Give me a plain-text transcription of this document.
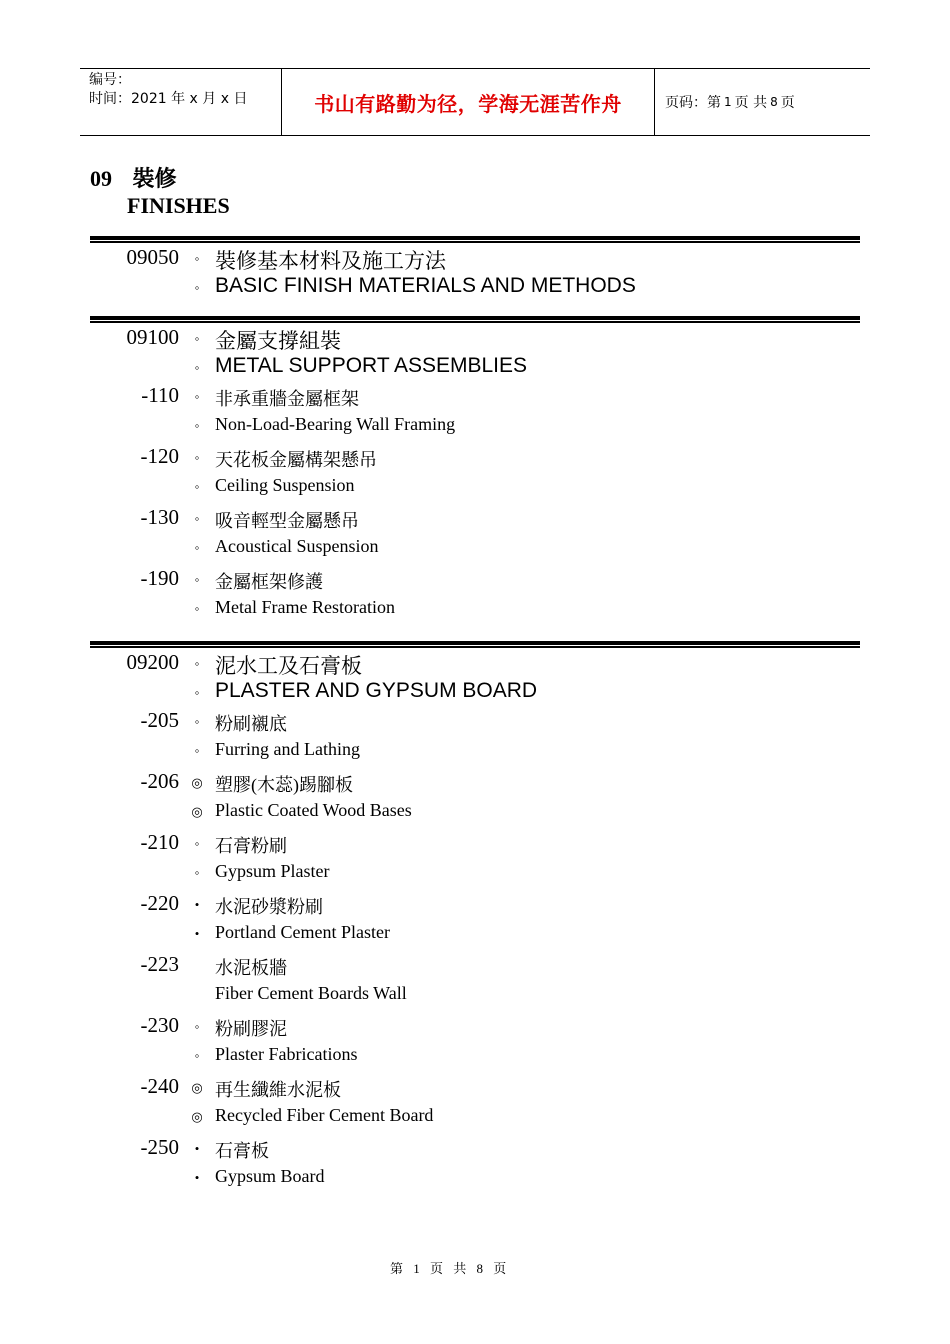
编号：
时间：2021 年 x 月 x 日	书山有路勤为径，学海无涯苦作舟	页码：第 1 页 共 8 页
09 裝修
FINISHES
09050	◦ 裝修基本材料及施工方法
◦ BASIC FINISH MATERIALS AND METHODS
09100	◦ 金屬支撐組裝
◦ METAL SUPPORT ASSEMBLIES
-110	◦ 非承重牆金屬框架
◦ Non-Load-Bearing Wall Framing
-120	◦ 天花板金屬構架懸吊
◦ Ceiling Suspension
-130	◦ 吸音輕型金屬懸吊
◦ Acoustical Suspension
-190	◦ 金屬框架修護
◦ Metal Frame Restoration
09200	◦ 泥水工及石膏板
◦ PLASTER AND GYPSUM BOARD
-205	◦ 粉刷襯底
◦ Furring and Lathing
-206 ◎ 塑膠(木蕊)踢腳板
◎ Plastic Coated Wood Bases
-210	◦ 石膏粉刷
◦ Gypsum Plaster
-220	• 水泥砂漿粉刷
• Portland Cement Plaster
-223 水泥板牆
Fiber Cement Boards Wall
-230	◦ 粉刷膠泥
◦ Plaster Fabrications
-240 ◎ 再生纖維水泥板
◎ Recycled Fiber Cement Board
-250	• 石膏板
• Gypsum Board
第 1 页 共 8 页
